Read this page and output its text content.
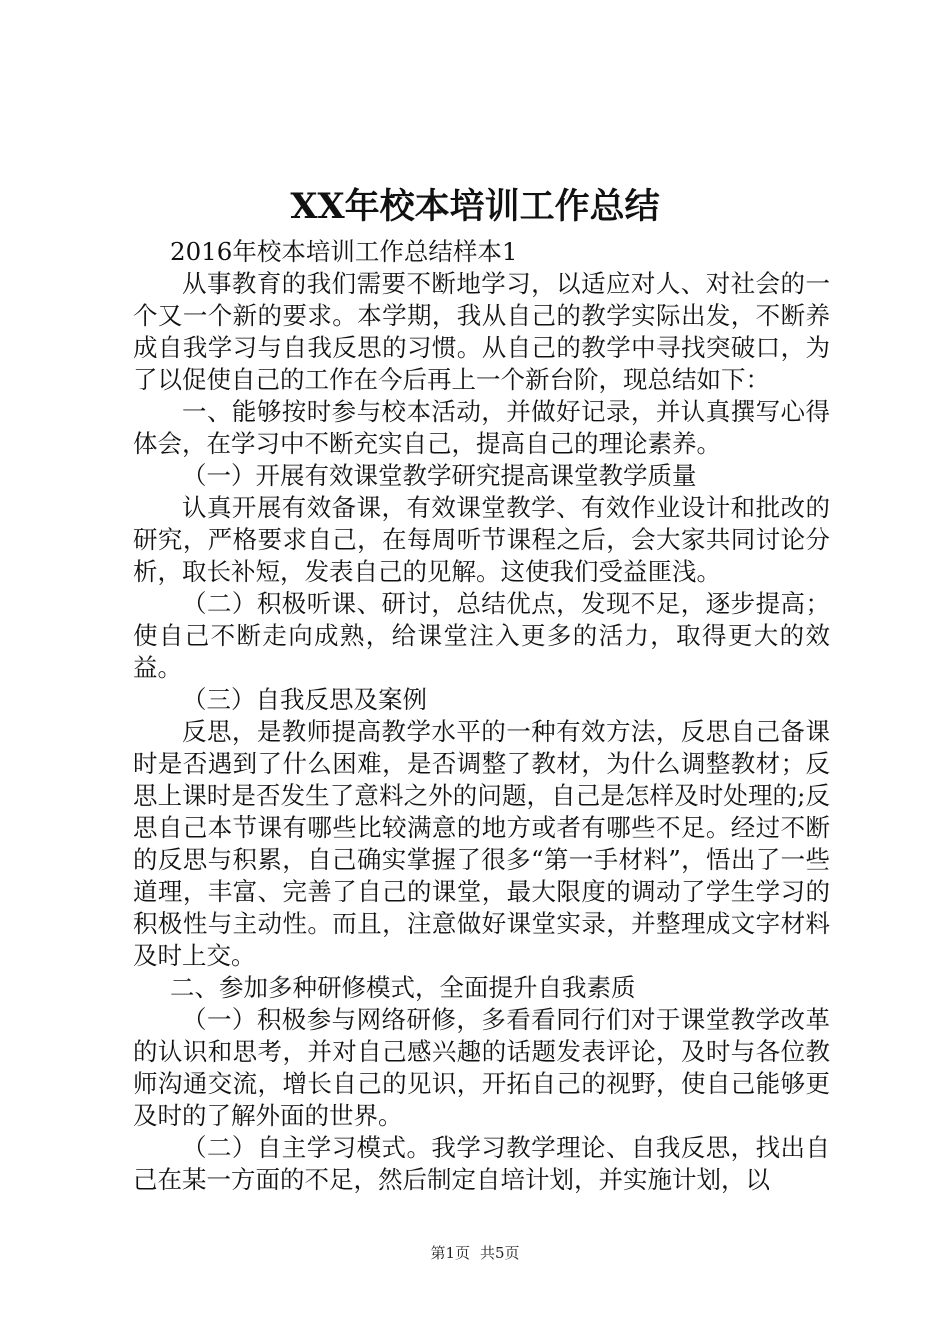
XX年校本培训工作总结

2016年校本培训工作总结样本1

从事教育的我们需要不断地学习，以适应对人、对社会的一个又一个新的要求。本学期，我从自己的教学实际出发，不断养成自我学习与自我反思的习惯。从自己的教学中寻找突破口，为了以促使自己的工作在今后再上一个新台阶，现总结如下：

一、能够按时参与校本活动，并做好记录，并认真撰写心得体会，在学习中不断充实自己，提高自己的理论素养。

（一）开展有效课堂教学研究提高课堂教学质量

认真开展有效备课，有效课堂教学、有效作业设计和批改的研究，严格要求自己，在每周听节课程之后，会大家共同讨论分析，取长补短，发表自己的见解。这使我们受益匪浅。

（二）积极听课、研讨，总结优点，发现不足，逐步提高；使自己不断走向成熟，给课堂注入更多的活力，取得更大的效益。

（三）自我反思及案例

反思，是教师提高教学水平的一种有效方法，反思自己备课时是否遇到了什么困难，是否调整了教材，为什么调整教材；反思上课时是否发生了意料之外的问题，自己是怎样及时处理的;反思自己本节课有哪些比较满意的地方或者有哪些不足。经过不断的反思与积累，自己确实掌握了很多“第一手材料”，悟出了一些道理，丰富、完善了自己的课堂，最大限度的调动了学生学习的积极性与主动性。而且，注意做好课堂实录，并整理成文字材料及时上交。

二、参加多种研修模式，全面提升自我素质

（一）积极参与网络研修，多看看同行们对于课堂教学改革的认识和思考，并对自己感兴趣的话题发表评论，及时与各位教师沟通交流，增长自己的见识，开拓自己的视野，使自己能够更及时的了解外面的世界。

（二）自主学习模式。我学习教学理论、自我反思，找出自己在某一方面的不足，然后制定自培计划，并实施计划，以

第1页 共5页
